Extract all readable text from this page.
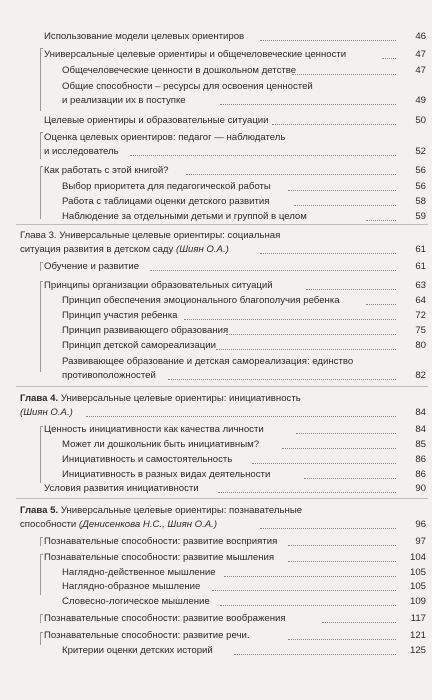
Использование модели целевых ориентиров	46
Универсальные целевые ориентиры и общечеловеческие ценности	47
Общечеловеческие ценности в дошкольном детстве	47
Общие способности – ресурсы для освоения ценностей
и реализации их в поступке	49
Целевые ориентиры и образовательные ситуации	50
Оценка целевых ориентиров: педагог — наблюдатель
и исследователь	52
Как работать с этой книгой?	56
Выбор приоритета для педагогической работы	56
Работа с таблицами оценки детского развития	58
Наблюдение за отдельными детьми и группой в целом	59
Глава 3. Универсальные целевые ориентиры: социальная
ситуация развития в детском саду (Шиян О.А.)	61
Обучение и развитие	61
Принципы организации образовательных ситуаций	63
Принцип обеспечения эмоционального благополучия ребенка	64
Принцип участия ребенка	72
Принцип развивающего образования	75
Принцип детской самореализации	80
Развивающее образование и детская самореализация: единство
противоположностей	82
Глава 4. Универсальные целевые ориентиры: инициативность
(Шиян О.А.)	84
Ценность инициативности как качества личности	84
Может ли дошкольник быть инициативным?	85
Инициативность и самостоятельность	86
Инициативность в разных видах деятельности	86
Условия развития инициативности	90
Глава 5. Универсальные целевые ориентиры: познавательные
способности (Денисенкова Н.С., Шиян О.А.)	96
Познавательные способности: развитие восприятия	97
Познавательные способности: развитие мышления	104
Наглядно-действенное мышление	105
Наглядно-образное мышление	105
Словесно-логическое мышление	109
Познавательные способности: развитие воображения	117
Познавательные способности: развитие речи.	121
Критерии оценки детских историй	125
